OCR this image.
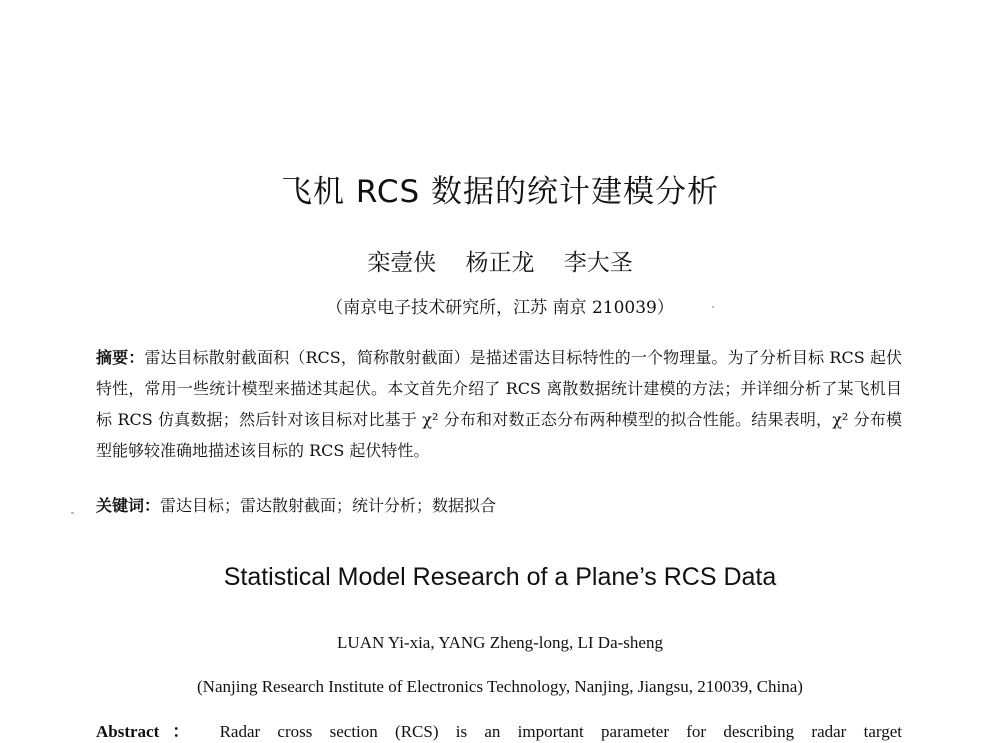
飞机 RCS 数据的统计建模分析
栾壹侠 杨正龙 李大圣
（南京电子技术研究所，江苏 南京 210039）
摘要：雷达目标散射截面积（RCS，简称散射截面）是描述雷达目标特性的一个物理量。为了分析目标 RCS 起伏特性，常用一些统计模型来描述其起伏。本文首先介绍了 RCS 离散数据统计建模的方法；并详细分析了某飞机目标 RCS 仿真数据；然后针对该目标对比基于 χ² 分布和对数正态分布两种模型的拟合性能。结果表明，χ² 分布模型能够较准确地描述该目标的 RCS 起伏特性。
关键词：雷达目标；雷达散射截面；统计分析；数据拟合
Statistical Model Research of a Plane’s RCS Data
LUAN Yi-xia, YANG Zheng-long, LI Da-sheng
(Nanjing Research Institute of Electronics Technology, Nanjing, Jiangsu, 210039, China)
Abstract： Radar cross section (RCS) is an important parameter for describing radar target
